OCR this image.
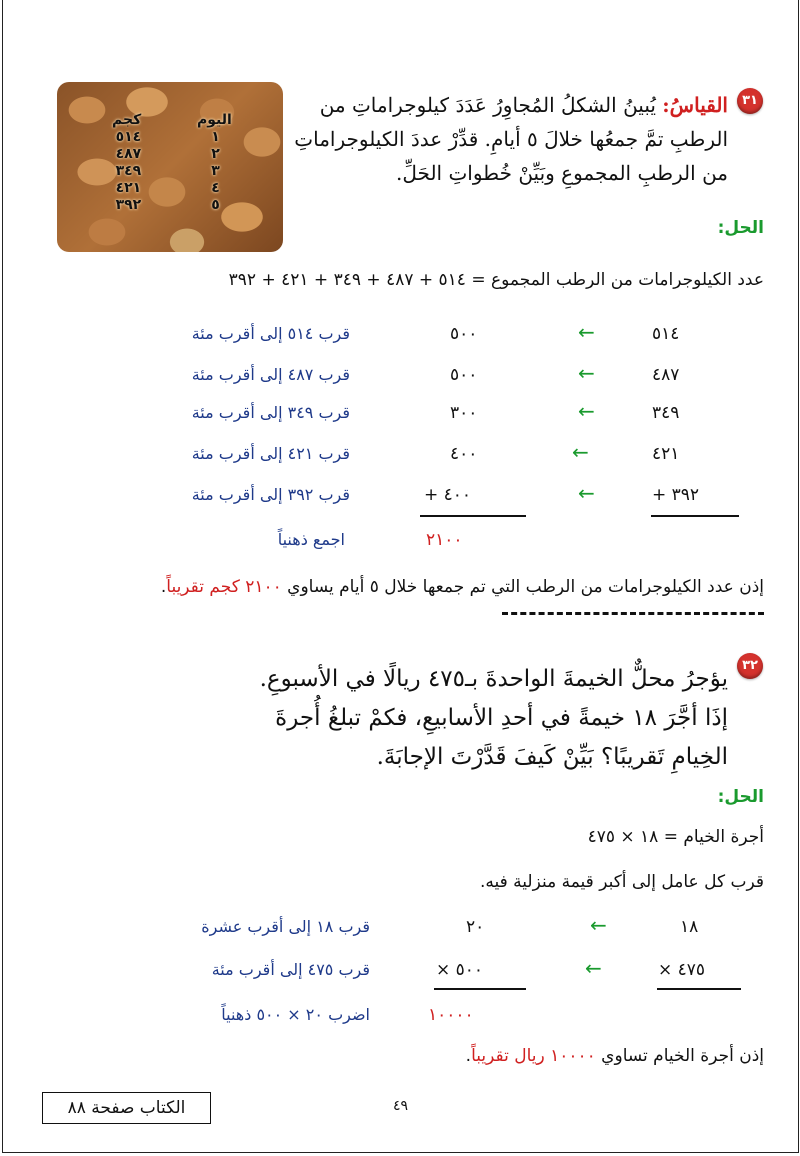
٣١
القياسُ: يُبينُ الشكلُ المُجاوِرُ عَدَدَ كيلوجراماتِ من الرطبِ تمَّ جمعُها خلالَ ٥ أيامِ. قدِّرْ عددَ الكيلوجراماتِ من الرطبِ المجموعِ وبَيِّنْ خُطواتِ الحَلِّ.
اليوم
١
٢
٣
٤
٥
كجم
٥١٤
٤٨٧
٣٤٩
٤٢١
٣٩٢
الحل:
عدد الكيلوجرامات من الرطب المجموع = ٥١٤ + ٤٨٧ + ٣٤٩ + ٤٢١ + ٣٩٢
٥١٤
←
٥٠٠
قرب ٥١٤ إلى أقرب مئة
٤٨٧
←
٥٠٠
قرب ٤٨٧ إلى أقرب مئة
٣٤٩
←
٣٠٠
قرب ٣٤٩ إلى أقرب مئة
٤٢١
←
٤٠٠
قرب ٤٢١ إلى أقرب مئة
٣٩٢ +
←
٤٠٠ +
قرب ٣٩٢ إلى أقرب مئة
٢١٠٠
اجمع ذهنياً
إذن عدد الكيلوجرامات من الرطب التي تم جمعها خلال ٥ أيام يساوي ٢١٠٠ كجم تقريباً.
٣٢
يؤجرُ محلٌّ الخيمةَ الواحدةَ بـ٤٧٥ ريالًا في الأسبوعِ. إذَا أجَّرَ ١٨ خيمةً في أحدِ الأسابيعِ، فكمْ تبلغُ أُجرةَ الخِيامِ تَقريبًا؟ بَيِّنْ كَيفَ قَدَّرْتَ الإجابَةَ.
الحل:
أجرة الخيام = ١٨ × ٤٧٥
قرب كل عامل إلى أكبر قيمة منزلية فيه.
١٨
←
٢٠
قرب ١٨ إلى أقرب عشرة
٤٧٥ ×
←
٥٠٠ ×
قرب ٤٧٥ إلى أقرب مئة
١٠٠٠٠
اضرب ٢٠ × ٥٠٠ ذهنياً
إذن أجرة الخيام تساوي ١٠٠٠٠ ريال تقريباً.
الكتاب صفحة ٨٨	٤٩
